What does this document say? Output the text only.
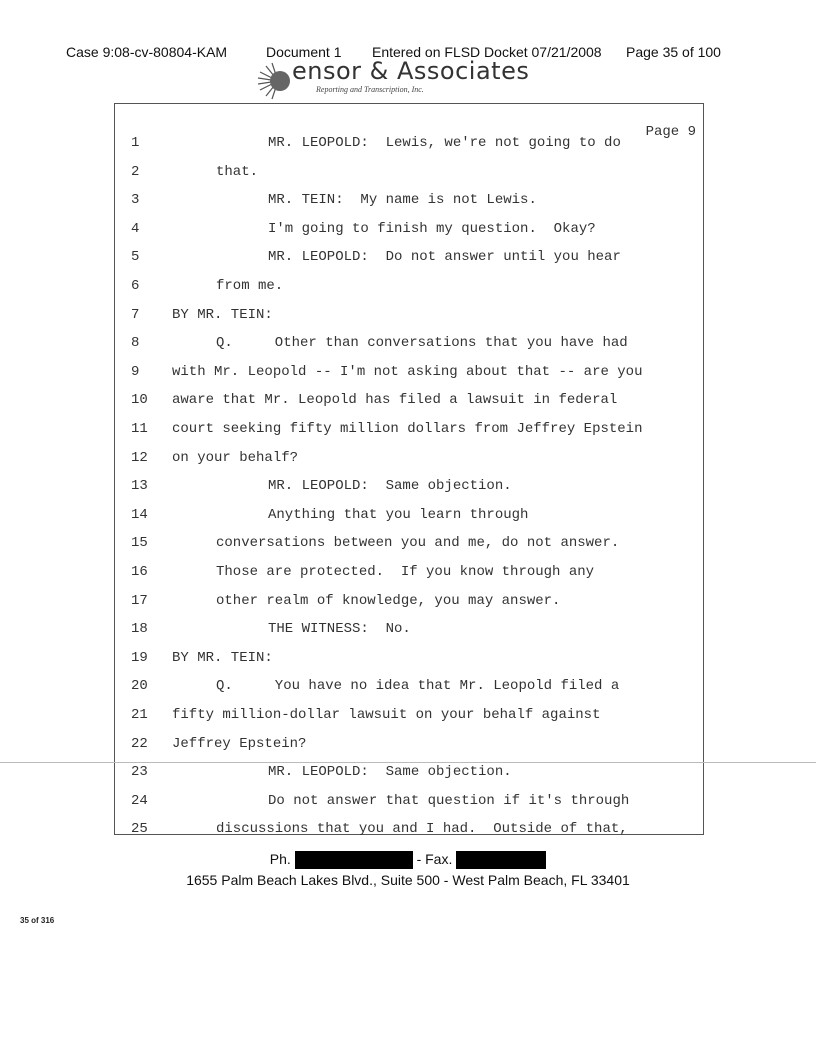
Case 9:08-cv-80804-KAM	Document 1 Entered on FLSD Docket 07/21/2008 Page 35 of 100
ensor & Associates
Reporting and Transcription, Inc.
Page 9
1	MR. LEOPOLD:  Lewis, we're not going to do
2	that.
3	MR. TEIN:  My name is not Lewis.
4	I'm going to finish my question.  Okay?
5	MR. LEOPOLD:  Do not answer until you hear
6	from me.
7	BY MR. TEIN:
8	Q.     Other than conversations that you have had
9	with Mr. Leopold -- I'm not asking about that -- are you
10	aware that Mr. Leopold has filed a lawsuit in federal
11	court seeking fifty million dollars from Jeffrey Epstein
12	on your behalf?
13	MR. LEOPOLD:  Same objection.
14	Anything that you learn through
15	conversations between you and me, do not answer.
16	Those are protected.  If you know through any
17	other realm of knowledge, you may answer.
18	THE WITNESS:  No.
19	BY MR. TEIN:
20	Q.     You have no idea that Mr. Leopold filed a
21	fifty million-dollar lawsuit on your behalf against
22	Jeffrey Epstein?
23	MR. LEOPOLD:  Same objection.
24	Do not answer that question if it's through
25	discussions that you and I had.  Outside of that,
Ph.	- Fax.
1655 Palm Beach Lakes Blvd., Suite 500 - West Palm Beach, FL 33401
35 of 316
